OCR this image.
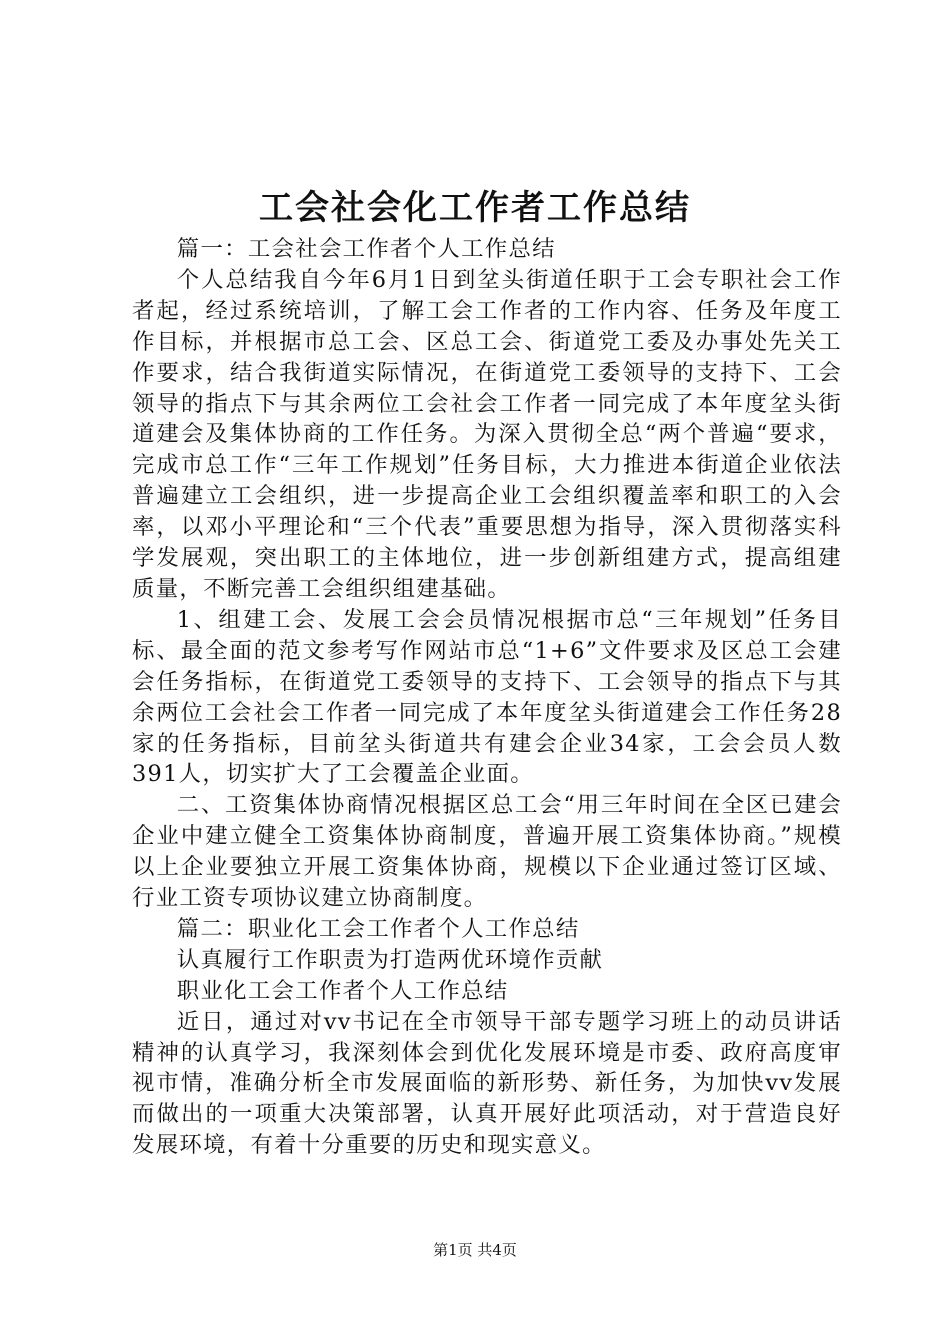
工会社会化工作者工作总结

篇一：工会社会工作者个人工作总结

个人总结我自今年6月1日到坌头街道任职于工会专职社会工作者起，经过系统培训，了解工会工作者的工作内容、任务及年度工作目标，并根据市总工会、区总工会、街道党工委及办事处先关工作要求，结合我街道实际情况，在街道党工委领导的支持下、工会领导的指点下与其余两位工会社会工作者一同完成了本年度坌头街道建会及集体协商的工作任务。为深入贯彻全总“两个普遍“要求，完成市总工作“三年工作规划”任务目标，大力推进本街道企业依法普遍建立工会组织，进一步提高企业工会组织覆盖率和职工的入会率，以邓小平理论和“三个代表”重要思想为指导，深入贯彻落实科学发展观，突出职工的主体地位，进一步创新组建方式，提高组建质量，不断完善工会组织组建基础。

1、组建工会、发展工会会员情况根据市总“三年规划”任务目标、最全面的范文参考写作网站市总“1+6”文件要求及区总工会建会任务指标，在街道党工委领导的支持下、工会领导的指点下与其余两位工会社会工作者一同完成了本年度坌头街道建会工作任务28家的任务指标，目前坌头街道共有建会企业34家，工会会员人数391人，切实扩大了工会覆盖企业面。

二、工资集体协商情况根据区总工会“用三年时间在全区已建会企业中建立健全工资集体协商制度，普遍开展工资集体协商。”规模以上企业要独立开展工资集体协商，规模以下企业通过签订区域、行业工资专项协议建立协商制度。

篇二：职业化工会工作者个人工作总结

认真履行工作职责为打造两优环境作贡献

职业化工会工作者个人工作总结

近日，通过对vv书记在全市领导干部专题学习班上的动员讲话精神的认真学习，我深刻体会到优化发展环境是市委、政府高度审视市情，准确分析全市发展面临的新形势、新任务，为加快vv发展而做出的一项重大决策部署，认真开展好此项活动，对于营造良好发展环境，有着十分重要的历史和现实意义。

第1页 共4页
